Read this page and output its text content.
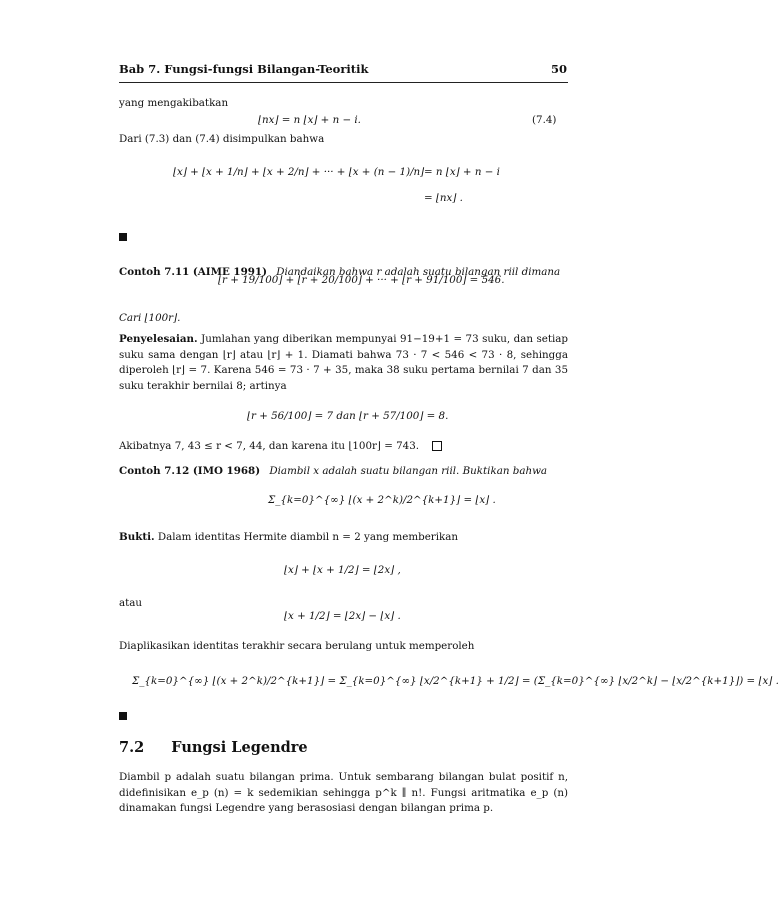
Bab 7. Fungsi-fungsi Bilangan-Teoritik	50
yang mengakibatkan
⌊nx⌋ = n ⌊x⌋ + n − i.	(7.4)
Dari (7.3) dan (7.4) disimpulkan bahwa
⌊x⌋ + ⌊x + 1/n⌋ + ⌊x + 2/n⌋ + ··· + ⌊x + (n − 1)/n⌋ = n ⌊x⌋ + n − i
= ⌊nx⌋ .
Contoh 7.11 (AIME 1991) Diandaikan bahwa r adalah suatu bilangan riil dimana
⌊r + 19/100⌋ + ⌊r + 20/100⌋ + ··· + ⌊r + 91/100⌋ = 546.
Cari ⌊100r⌋.
Penyelesaian. Jumlahan yang diberikan mempunyai 91−19+1 = 73 suku, dan setiap suku sama dengan ⌊r⌋ atau ⌊r⌋ + 1. Diamati bahwa 73 · 7 < 546 < 73 · 8, sehingga diperoleh ⌊r⌋ = 7. Karena 546 = 73 · 7 + 35, maka 38 suku pertama bernilai 7 dan 35 suku terakhir bernilai 8; artinya
⌊r + 56/100⌋ = 7 dan ⌊r + 57/100⌋ = 8.
Akibatnya 7, 43 ≤ r < 7, 44, dan karena itu ⌊100r⌋ = 743.
Contoh 7.12 (IMO 1968) Diambil x adalah suatu bilangan riil. Buktikan bahwa
Σ_{k=0}^{∞} ⌊(x + 2^k)/2^{k+1}⌋ = ⌊x⌋ .
Bukti. Dalam identitas Hermite diambil n = 2 yang memberikan
⌊x⌋ + ⌊x + 1/2⌋ = ⌊2x⌋ ,
atau
⌊x + 1/2⌋ = ⌊2x⌋ − ⌊x⌋ .
Diaplikasikan identitas terakhir secara berulang untuk memperoleh
Σ_{k=0}^{∞} ⌊(x + 2^k)/2^{k+1}⌋ = Σ_{k=0}^{∞} ⌊x/2^{k+1} + 1/2⌋ = (Σ_{k=0}^{∞} ⌊x/2^k⌋ − ⌊x/2^{k+1}⌋) = ⌊x⌋ .
7.2 Fungsi Legendre
Diambil p adalah suatu bilangan prima. Untuk sembarang bilangan bulat positif n, didefinisikan e_p (n) = k sedemikian sehingga p^k ∥ n!. Fungsi aritmatika e_p (n) dinamakan fungsi Legendre yang berasosiasi dengan bilangan prima p.
